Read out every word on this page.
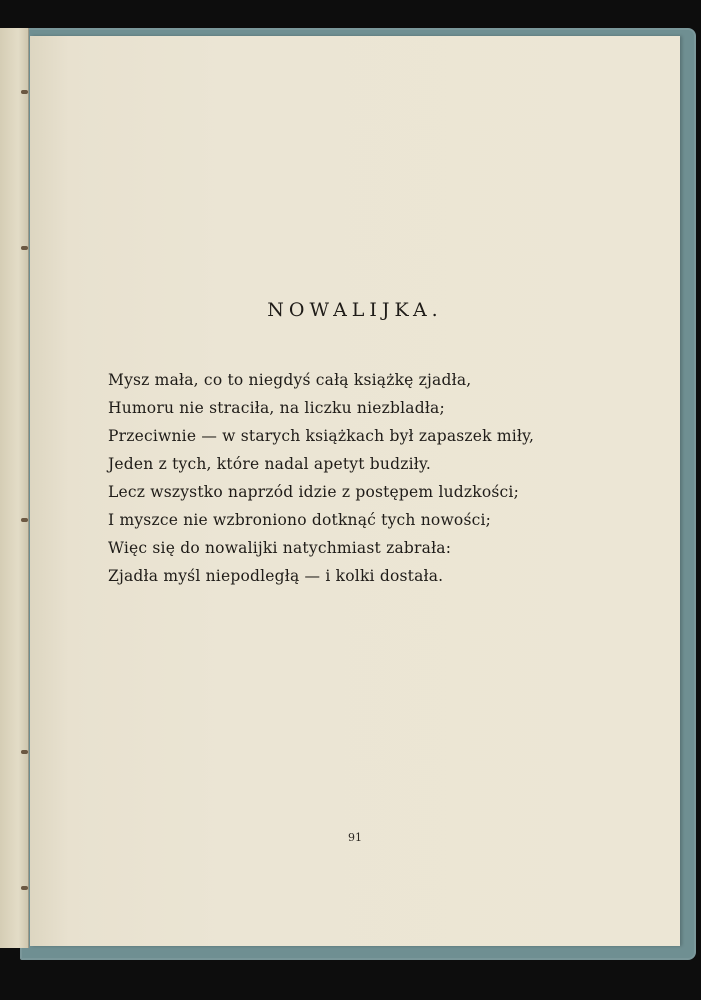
NOWALIJKA.
Mysz mała, co to niegdyś całą książkę zjadła,
Humoru nie straciła, na liczku niezbladła;
Przeciwnie — w starych książkach był zapaszek miły,
Jeden z tych, które nadal apetyt budziły.
Lecz wszystko naprzód idzie z postępem ludzkości;
I myszce nie wzbroniono dotknąć tych nowości;
Więc się do nowalijki natychmiast zabrała:
Zjadła myśl niepodległą — i kolki dostała.
91
